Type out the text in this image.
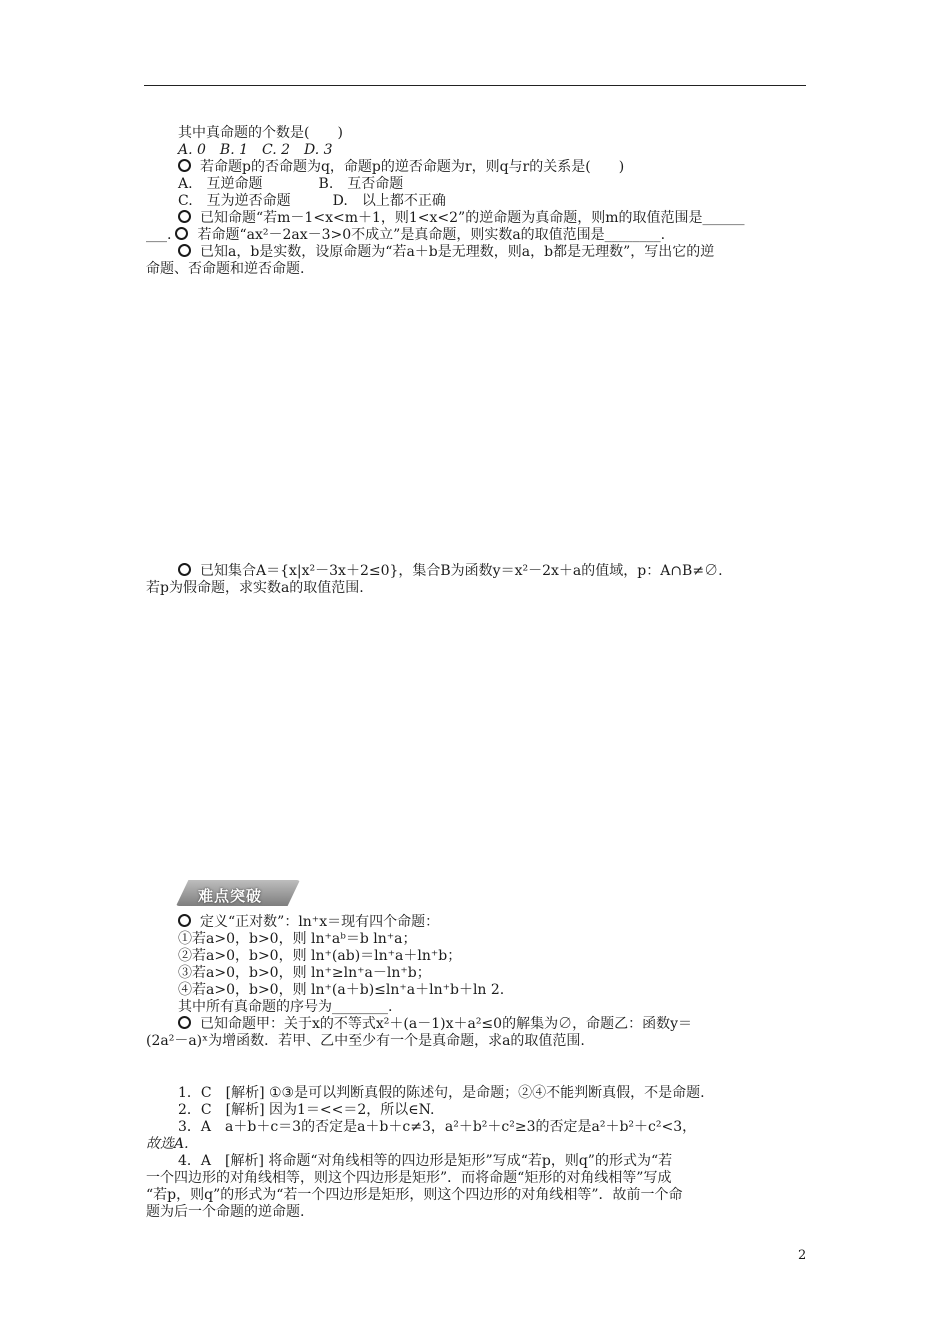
其中真命题的个数是(　　)
A. 0　B. 1　C. 2　D. 3
若命题p的否命题为q，命题p的逆否命题为r，则q与r的关系是(　　)
A.　互逆命题　　　　B.　互否命题
C.　互为逆否命题　　　D.　以上都不正确
已知命题“若m－1<x<m＋1，则1<x<2”的逆命题为真命题，则m的取值范围是______
___. 若命题“ax²－2ax－3>0不成立”是真命题，则实数a的取值范围是________.
已知a，b是实数，设原命题为“若a＋b是无理数，则a，b都是无理数”，写出它的逆
命题、否命题和逆否命题.
已知集合A＝{x|x²－3x＋2≤0}，集合B为函数y＝x²－2x＋a的值域，p：A∩B≠∅.
若p为假命题，求实数a的取值范围.
难点突破
定义“正对数”：ln⁺x＝现有四个命题：
①若a>0，b>0，则 ln⁺aᵇ＝b ln⁺a；
②若a>0，b>0，则 ln⁺(ab)＝ln⁺a＋ln⁺b；
③若a>0，b>0，则 ln⁺≥ln⁺a－ln⁺b；
④若a>0，b>0，则 ln⁺(a＋b)≤ln⁺a＋ln⁺b＋ln 2.
其中所有真命题的序号为________.
已知命题甲：关于x的不等式x²＋(a－1)x＋a²≤0的解集为∅，命题乙：函数y＝
(2a²－a)ˣ为增函数．若甲、乙中至少有一个是真命题，求a的取值范围.
1．C　[解析] ①③是可以判断真假的陈述句，是命题；②④不能判断真假，不是命题.
2．C　[解析] 因为1＝<<＝2，所以∈N.
3．A　a＋b＋c＝3的否定是a＋b＋c≠3，a²＋b²＋c²≥3的否定是a²＋b²＋c²<3，
故选A.
4．A　[解析] 将命题“对角线相等的四边形是矩形”写成“若p，则q”的形式为“若
一个四边形的对角线相等，则这个四边形是矩形”．而将命题“矩形的对角线相等”写成
“若p，则q”的形式为“若一个四边形是矩形，则这个四边形的对角线相等”．故前一个命
题为后一个命题的逆命题.
2
